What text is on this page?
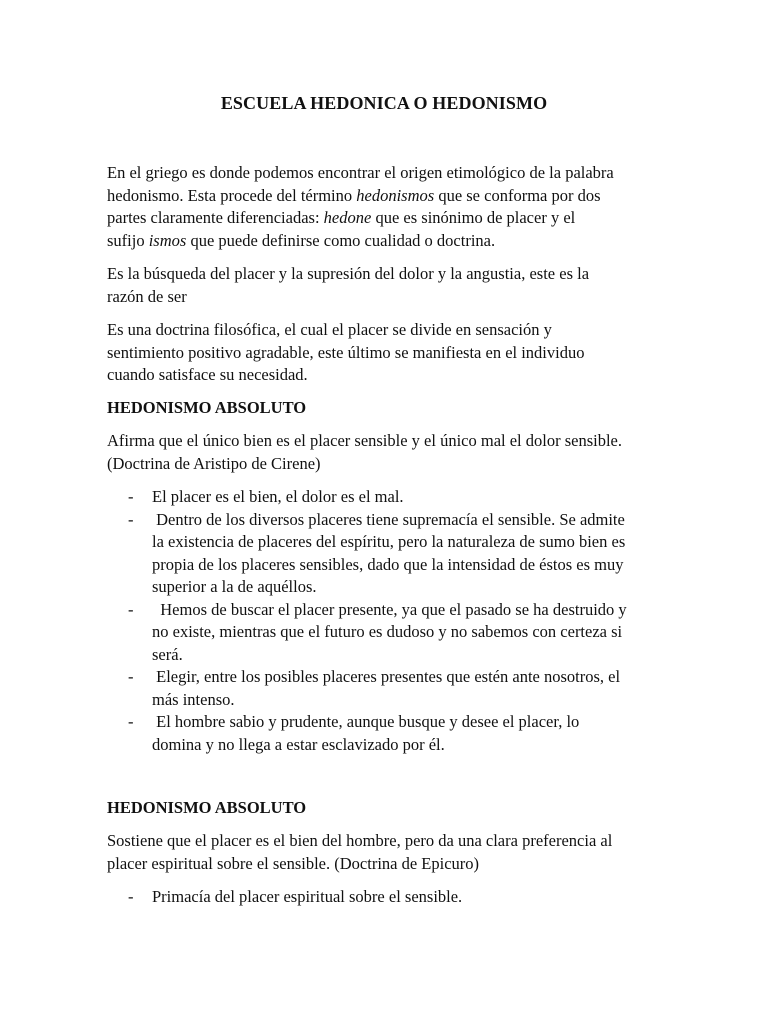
ESCUELA HEDONICA O HEDONISMO

En el griego es donde podemos encontrar el origen etimológico de la palabra
hedonismo. Esta procede del término hedonismos que se conforma por dos
partes claramente diferenciadas: hedone que es sinónimo de placer y el
sufijo ismos que puede definirse como cualidad o doctrina.

Es la búsqueda del placer y la supresión del dolor y la angustia, este es la
razón de ser

Es una doctrina filosófica, el cual el placer se divide en sensación y
sentimiento positivo agradable, este último se manifiesta en el individuo
cuando satisface su necesidad.

HEDONISMO ABSOLUTO

Afirma que el único bien es el placer sensible y el único mal el dolor sensible.
(Doctrina de Aristipo de Cirene)

- El placer es el bien, el dolor es el mal.
- Dentro de los diversos placeres tiene supremacía el sensible. Se admite
la existencia de placeres del espíritu, pero la naturaleza de sumo bien es
propia de los placeres sensibles, dado que la intensidad de éstos es muy
superior a la de aquéllos.
- Hemos de buscar el placer presente, ya que el pasado se ha destruido y
no existe, mientras que el futuro es dudoso y no sabemos con certeza si
será.
- Elegir, entre los posibles placeres presentes que estén ante nosotros, el
más intenso.
- El hombre sabio y prudente, aunque busque y desee el placer, lo
domina y no llega a estar esclavizado por él.
HEDONISMO ABSOLUTO

Sostiene que el placer es el bien del hombre, pero da una clara preferencia al
placer espiritual sobre el sensible. (Doctrina de Epicuro)

- Primacía del placer espiritual sobre el sensible.
